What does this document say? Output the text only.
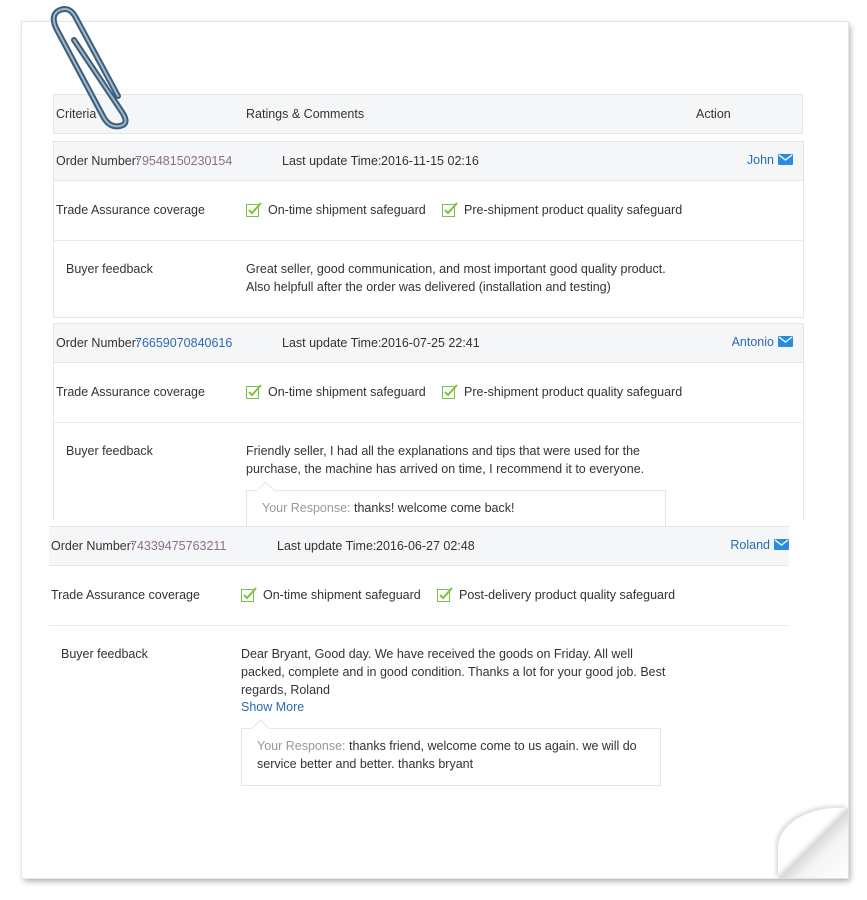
Criteria	Ratings & Comments	Action
Order Number:
79548150230154	Last update Time: 2016-11-15 02:16	John
Trade Assurance coverage	On-time shipment safeguard	Pre-shipment product quality safeguard
Buyer feedback	Great seller, good communication, and most important good quality product. Also helpfull after the order was delivered (installation and testing)
Order Number:
76659070840616	Last update Time: 2016-07-25 22:41	Antonio
Trade Assurance coverage	On-time shipment safeguard	Pre-shipment product quality safeguard
Buyer feedback	Friendly seller, I had all the explanations and tips that were used for the purchase, the machine has arrived on time, I recommend it to everyone.
Your Response: thanks! welcome come back!
Order Number:
74339475763211	Last update Time: 2016-06-27 02:48	Roland
Trade Assurance coverage	On-time shipment safeguard	Post-delivery product quality safeguard
Buyer feedback	Dear Bryant, Good day. We have received the goods on Friday. All well packed, complete and in good condition. Thanks a lot for your good job. Best regards, Roland
Show More
Your Response: thanks friend, welcome come to us again. we will do service better and better. thanks bryant
